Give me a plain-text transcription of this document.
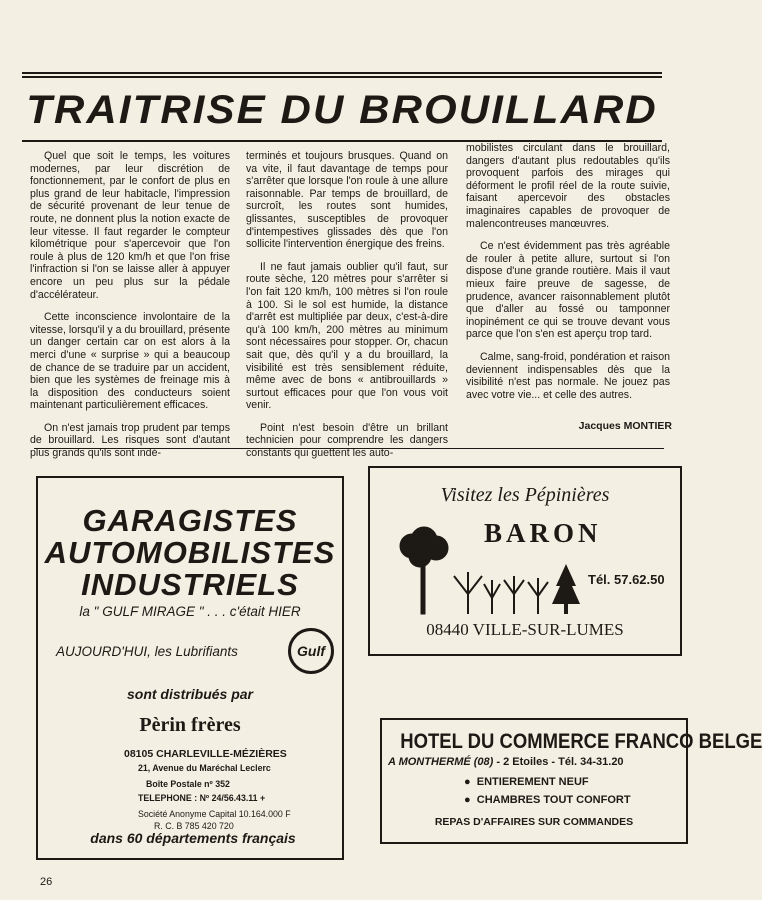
TRAITRISE DU BROUILLARD

Quel que soit le temps, les voitures modernes, par leur discrétion de fonctionnement, par le confort de plus en plus grand de leur habitacle, l'impression de sécurité provenant de leur tenue de route, ne donnent plus la notion exacte de leur vitesse. Il faut regarder le compteur kilométrique pour s'apercevoir que l'on roule à plus de 120 km/h et que l'on frise l'infraction si l'on se laisse aller à appuyer encore un peu plus sur la pédale d'accélérateur.

Cette inconscience involontaire de la vitesse, lorsqu'il y a du brouillard, présente un danger certain car on est alors à la merci d'une « surprise » qui a beaucoup de chance de se traduire par un accident, bien que les systèmes de freinage mis à la disposition des conducteurs soient maintenant particulièrement efficaces.

On n'est jamais trop prudent par temps de brouillard. Les risques sont d'autant plus grands qu'ils sont indé-

terminés et toujours brusques. Quand on va vite, il faut davantage de temps pour s'arrêter que lorsque l'on roule à une allure raisonnable. Par temps de brouillard, de surcroît, les routes sont humides, glissantes, susceptibles de provoquer d'intempestives glissades dès que l'on sollicite l'intervention énergique des freins.

Il ne faut jamais oublier qu'il faut, sur route sèche, 120 mètres pour s'arrêter si l'on fait 120 km/h, 100 mètres si l'on roule à 100. Si le sol est humide, la distance d'arrêt est multipliée par deux, c'est-à-dire qu'à 100 km/h, 200 mètres au minimum sont nécessaires pour stopper. Or, chacun sait que, dès qu'il y a du brouillard, la visibilité est très sensiblement réduite, même avec de bons « antibrouillards » surtout efficaces pour que l'on vous voit venir.

Point n'est besoin d'être un brillant technicien pour comprendre les dangers constants qui guettent les auto-

mobilistes circulant dans le brouillard, dangers d'autant plus redoutables qu'ils provoquent parfois des mirages qui déforment le profil réel de la route suivie, faisant apercevoir des obstacles imaginaires capables de provoquer de malencontreuses manœuvres.

Ce n'est évidemment pas très agréable de rouler à petite allure, surtout si l'on dispose d'une grande routière. Mais il vaut mieux faire preuve de sagesse, de prudence, avancer raisonnablement plutôt que d'aller au fossé ou tamponner inopinément ce qui se trouve devant vous parce que l'on s'en est aperçu trop tard.

Calme, sang-froid, pondération et raison deviennent indispensables dès que la visibilité n'est pas normale. Ne jouez pas avec votre vie... et celle des autres.

Jacques MONTIER
GARAGISTES
AUTOMOBILISTES
INDUSTRIELS
la " GULF MIRAGE " . . . c'était HIER
AUJOURD'HUI, les Lubrifiants	Gulf
sont distribués par
Pèrin frères
08105 CHARLEVILLE-MÉZIÈRES
21, Avenue du Maréchal Leclerc
Boîte Postale nº 352
TELEPHONE : Nº 24/56.43.11 +
Société Anonyme Capital 10.164.000 F
R. C. B 785 420 720
dans 60 départements français
Visitez les Pépinières
BARON
Tél. 57.62.50
08440 VILLE-SUR-LUMES
HOTEL DU COMMERCE FRANCO BELGE
A MONTHERMÉ (08) - 2 Etoiles - Tél. 34-31.20
●  ENTIEREMENT NEUF
●  CHAMBRES TOUT CONFORT
REPAS D'AFFAIRES SUR COMMANDES
26
